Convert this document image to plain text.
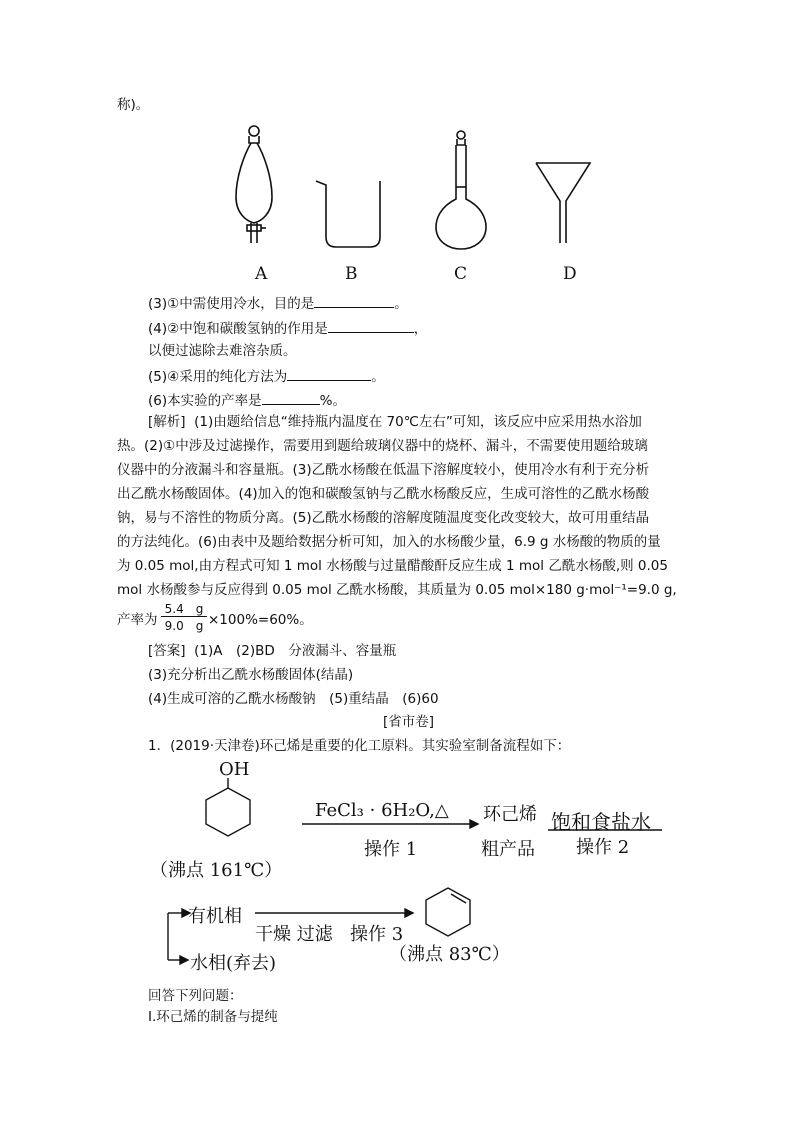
称)。
A	B	C	D
(3)①中需使用冷水，目的是	。
(4)②中饱和碳酸氢钠的作用是	，
以便过滤除去难溶杂质。
(5)④采用的纯化方法为	。
(6)本实验的产率是	%。
[解析] (1)由题给信息“维持瓶内温度在 70℃左右”可知，该反应中应采用热水浴加
热。(2)①中涉及过滤操作，需要用到题给玻璃仪器中的烧杯、漏斗，不需要使用题给玻璃
仪器中的分液漏斗和容量瓶。(3)乙酰水杨酸在低温下溶解度较小，使用冷水有利于充分析
出乙酰水杨酸固体。(4)加入的饱和碳酸氢钠与乙酰水杨酸反应，生成可溶性的乙酰水杨酸
钠，易与不溶性的物质分离。(5)乙酰水杨酸的溶解度随温度变化改变较大，故可用重结晶
的方法纯化。(6)由表中及题给数据分析可知，加入的水杨酸少量，6.9 g 水杨酸的物质的量
为 0.05 mol,由方程式可知 1 mol 水杨酸与过量醋酸酐反应生成 1 mol 乙酰水杨酸,则 0.05
mol 水杨酸参与反应得到 0.05 mol 乙酰水杨酸，其质量为 0.05 mol×180 g·mol⁻¹=9.0 g,
产率为
5.4　g
9.0　g ×100%=60%。
[答案] (1)A　(2)BD　分液漏斗、容量瓶
(3)充分析出乙酰水杨酸固体(结晶)
(4)生成可溶的乙酰水杨酸钠　(5)重结晶　(6)60
[省市卷]
1．(2019·天津卷)环己烯是重要的化工原料。其实验室制备流程如下：
OH
（沸点 161℃）
FeCl₃ · 6H₂O,△
操作 1
环己烯
粗产品
饱和食盐水
操作 2
有机相
水相(弃去)
干燥 过滤 操作 3
（沸点 83℃）
回答下列问题：
Ⅰ.环己烯的制备与提纯
